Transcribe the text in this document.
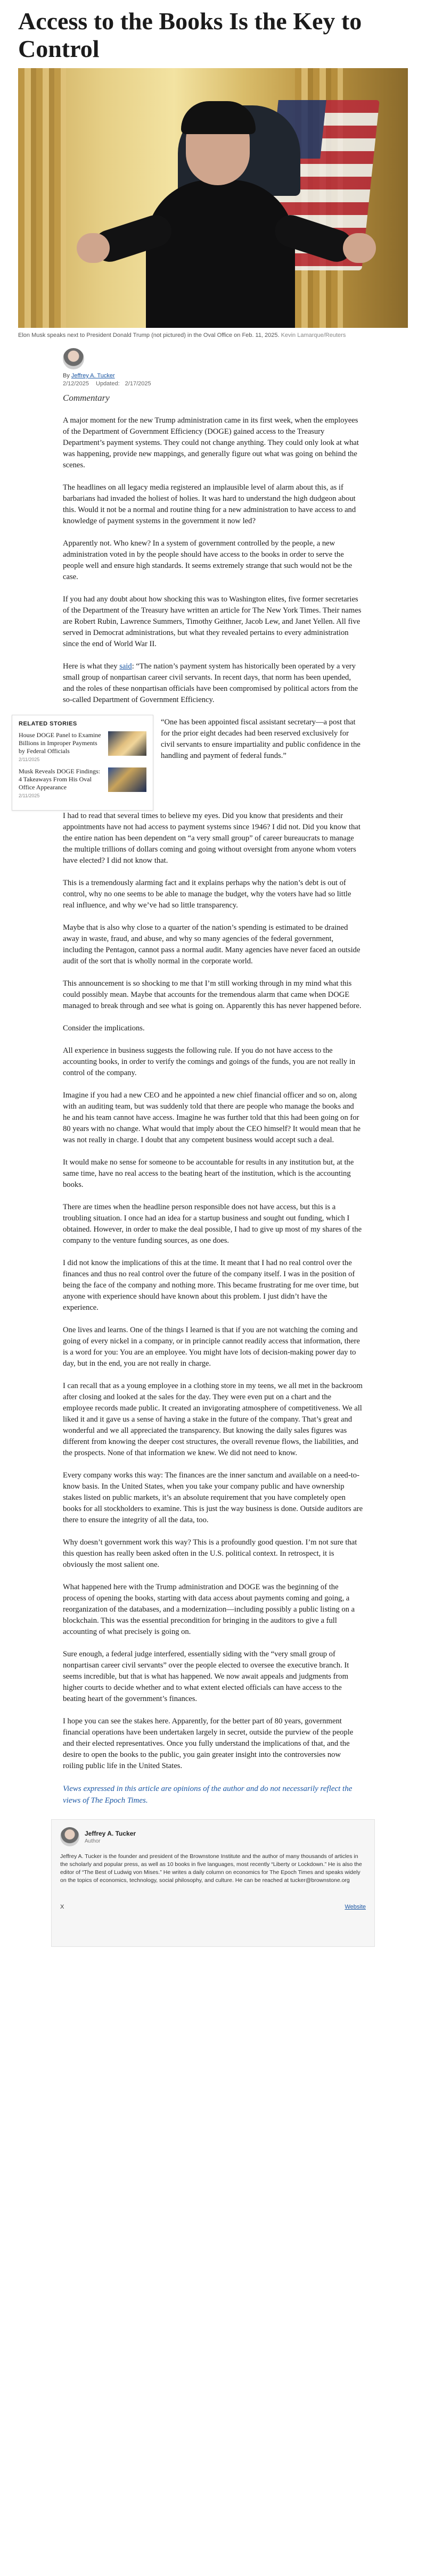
Access to the Books Is the Key to Control
Elon Musk speaks next to President Donald Trump (not pictured) in the Oval Office on Feb. 11, 2025. Kevin Lamarque/Reuters
By Jeffrey A. Tucker
2/12/2025 Updated: 2/17/2025
Commentary

A major moment for the new Trump administration came in its first week, when the employees of the Department of Government Efficiency (DOGE) gained access to the Treasury Department’s payment systems. They could not change anything. They could only look at what was happening, provide new mappings, and generally figure out what was going on behind the scenes.

The headlines on all legacy media registered an implausible level of alarm about this, as if barbarians had invaded the holiest of holies. It was hard to understand the high dudgeon about this. Would it not be a normal and routine thing for a new administration to have access to and knowledge of payment systems in the government it now led?

Apparently not. Who knew? In a system of government controlled by the people, a new administration voted in by the people should have access to the books in order to serve the people well and ensure high standards. It seems extremely strange that such would not be the case.

If you had any doubt about how shocking this was to Washington elites, five former secretaries of the Department of the Treasury have written an article for The New York Times. Their names are Robert Rubin, Lawrence Summers, Timothy Geithner, Jacob Lew, and Janet Yellen. All five served in Democrat administrations, but what they revealed pertains to every administration since the end of World War II.

Here is what they said: “The nation’s payment system has historically been operated by a very small group of nonpartisan career civil servants. In recent days, that norm has been upended, and the roles of these nonpartisan officials have been compromised by political actors from the so-called Department of Government Efficiency.

RELATED STORIES
House DOGE Panel to Examine Billions in Improper Payments by Federal Officials
2/11/2025
Musk Reveals DOGE Findings: 4 Takeaways From His Oval Office Appearance
2/11/2025

“One has been appointed fiscal assistant secretary—a post that for the prior eight decades had been reserved exclusively for civil servants to ensure impartiality and public confidence in the handling and payment of federal funds.”

I had to read that several times to believe my eyes. Did you know that presidents and their appointments have not had access to payment systems since 1946? I did not. Did you know that the entire nation has been dependent on “a very small group” of career bureaucrats to manage the multiple trillions of dollars coming and going without oversight from anyone whom voters have elected? I did not know that.

This is a tremendously alarming fact and it explains perhaps why the nation’s debt is out of control, why no one seems to be able to manage the budget, why the voters have had so little real influence, and why we’ve had so little transparency.

Maybe that is also why close to a quarter of the nation’s spending is estimated to be drained away in waste, fraud, and abuse, and why so many agencies of the federal government, including the Pentagon, cannot pass a normal audit. Many agencies have never faced an outside audit of the sort that is wholly normal in the corporate world.

This announcement is so shocking to me that I’m still working through in my mind what this could possibly mean. Maybe that accounts for the tremendous alarm that came when DOGE managed to break through and see what is going on. Apparently this has never happened before.

Consider the implications.

All experience in business suggests the following rule. If you do not have access to the accounting books, in order to verify the comings and goings of the funds, you are not really in control of the company.

Imagine if you had a new CEO and he appointed a new chief financial officer and so on, along with an auditing team, but was suddenly told that there are people who manage the books and he and his team cannot have access. Imagine he was further told that this had been going on for 80 years with no change. What would that imply about the CEO himself? It would mean that he was not really in charge. I doubt that any competent business would accept such a deal.

It would make no sense for someone to be accountable for results in any institution but, at the same time, have no real access to the beating heart of the institution, which is the accounting books.

There are times when the headline person responsible does not have access, but this is a troubling situation. I once had an idea for a startup business and sought out funding, which I obtained. However, in order to make the deal possible, I had to give up most of my shares of the company to the venture funding sources, as one does.

I did not know the implications of this at the time. It meant that I had no real control over the finances and thus no real control over the future of the company itself. I was in the position of being the face of the company and nothing more. This became frustrating for me over time, but anyone with experience should have known about this problem. I just didn’t have the experience.

One lives and learns. One of the things I learned is that if you are not watching the coming and going of every nickel in a company, or in principle cannot readily access that information, there is a word for you: You are an employee. You might have lots of decision-making power day to day, but in the end, you are not really in charge.

I can recall that as a young employee in a clothing store in my teens, we all met in the backroom after closing and looked at the sales for the day. They were even put on a chart and the employee records made public. It created an invigorating atmosphere of competitiveness. We all liked it and it gave us a sense of having a stake in the future of the company. That’s great and wonderful and we all appreciated the transparency. But knowing the daily sales figures was different from knowing the deeper cost structures, the overall revenue flows, the liabilities, and the prospects. None of that information we knew. We did not need to know.

Every company works this way: The finances are the inner sanctum and available on a need-to-know basis. In the United States, when you take your company public and have ownership stakes listed on public markets, it’s an absolute requirement that you have completely open books for all stockholders to examine. This is just the way business is done. Outside auditors are there to ensure the integrity of all the data, too.

Why doesn’t government work this way? This is a profoundly good question. I’m not sure that this question has really been asked often in the U.S. political context. In retrospect, it is obviously the most salient one.

What happened here with the Trump administration and DOGE was the beginning of the process of opening the books, starting with data access about payments coming and going, a reorganization of the databases, and a modernization—including possibly a public listing on a blockchain. This was the essential precondition for bringing in the auditors to give a full accounting of what precisely is going on.

Sure enough, a federal judge interfered, essentially siding with the “very small group of nonpartisan career civil servants” over the people elected to oversee the executive branch. It seems incredible, but that is what has happened. We now await appeals and judgments from higher courts to decide whether and to what extent elected officials can have access to the beating heart of the government’s finances.

I hope you can see the stakes here. Apparently, for the better part of 80 years, government financial operations have been undertaken largely in secret, outside the purview of the people and their elected representatives. Once you fully understand the implications of that, and the desire to open the books to the public, you gain greater insight into the controversies now roiling public life in the United States.

Views expressed in this article are opinions of the author and do not necessarily reflect the views of The Epoch Times.
Jeffrey A. Tucker
Author
Jeffrey A. Tucker is the founder and president of the Brownstone Institute and the author of many thousands of articles in the scholarly and popular press, as well as 10 books in five languages, most recently “Liberty or Lockdown.” He is also the editor of “The Best of Ludwig von Mises.” He writes a daily column on economics for The Epoch Times and speaks widely on the topics of economics, technology, social philosophy, and culture. He can be reached at tucker@brownstone.org
X	Website
